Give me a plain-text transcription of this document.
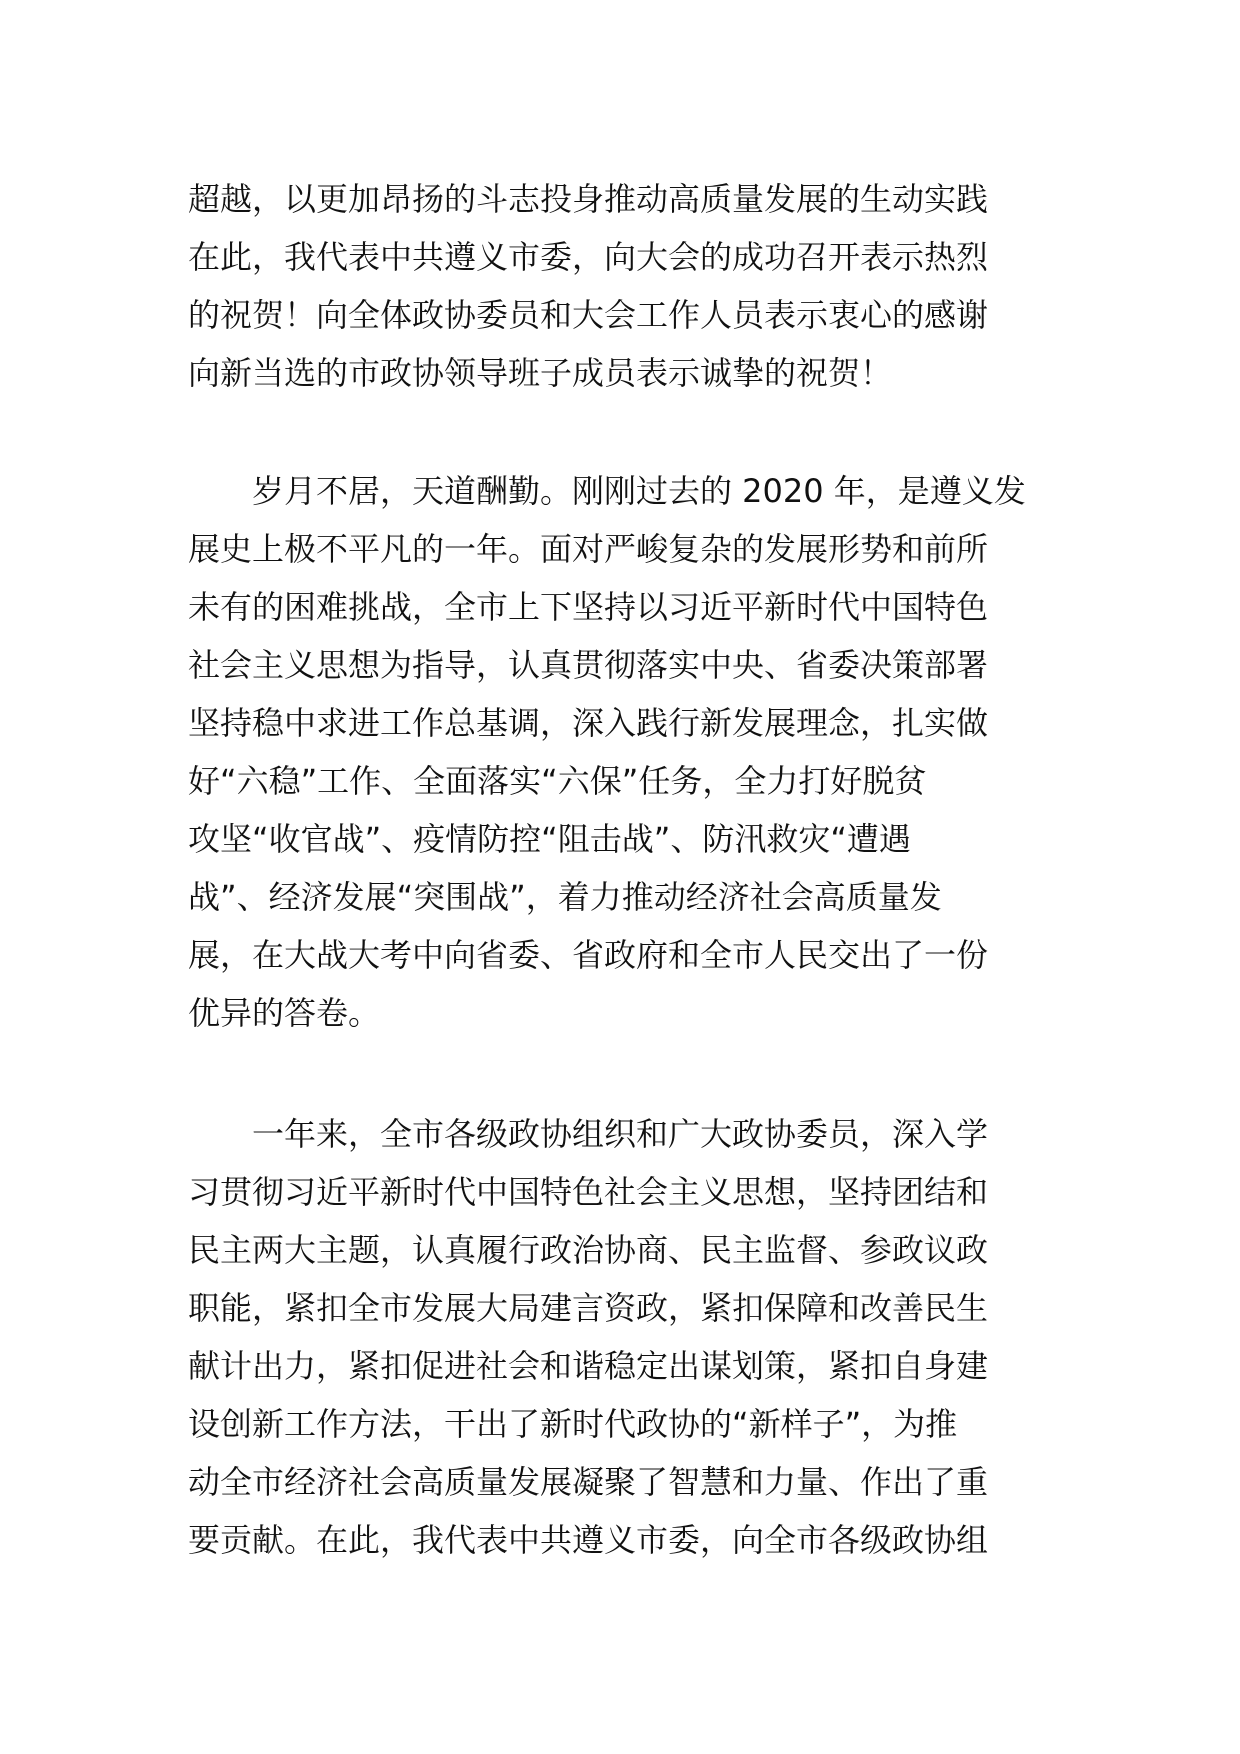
超越，以更加昂扬的斗志投身推动高质量发展的生动实践
在此，我代表中共遵义市委，向大会的成功召开表示热烈
的祝贺！向全体政协委员和大会工作人员表示衷心的感谢
向新当选的市政协领导班子成员表示诚挚的祝贺！
　　岁月不居，天道酬勤。刚刚过去的 2020 年，是遵义发
展史上极不平凡的一年。面对严峻复杂的发展形势和前所
未有的困难挑战，全市上下坚持以习近平新时代中国特色
社会主义思想为指导，认真贯彻落实中央、省委决策部署
坚持稳中求进工作总基调，深入践行新发展理念，扎实做
好“六稳”工作、全面落实“六保”任务，全力打好脱贫
攻坚“收官战”、疫情防控“阻击战”、防汛救灾“遭遇
战”、经济发展“突围战”，着力推动经济社会高质量发
展，在大战大考中向省委、省政府和全市人民交出了一份
优异的答卷。
　　一年来，全市各级政协组织和广大政协委员，深入学
习贯彻习近平新时代中国特色社会主义思想，坚持团结和
民主两大主题，认真履行政治协商、民主监督、参政议政
职能，紧扣全市发展大局建言资政，紧扣保障和改善民生
献计出力，紧扣促进社会和谐稳定出谋划策，紧扣自身建
设创新工作方法，干出了新时代政协的“新样子”，为推
动全市经济社会高质量发展凝聚了智慧和力量、作出了重
要贡献。在此，我代表中共遵义市委，向全市各级政协组
